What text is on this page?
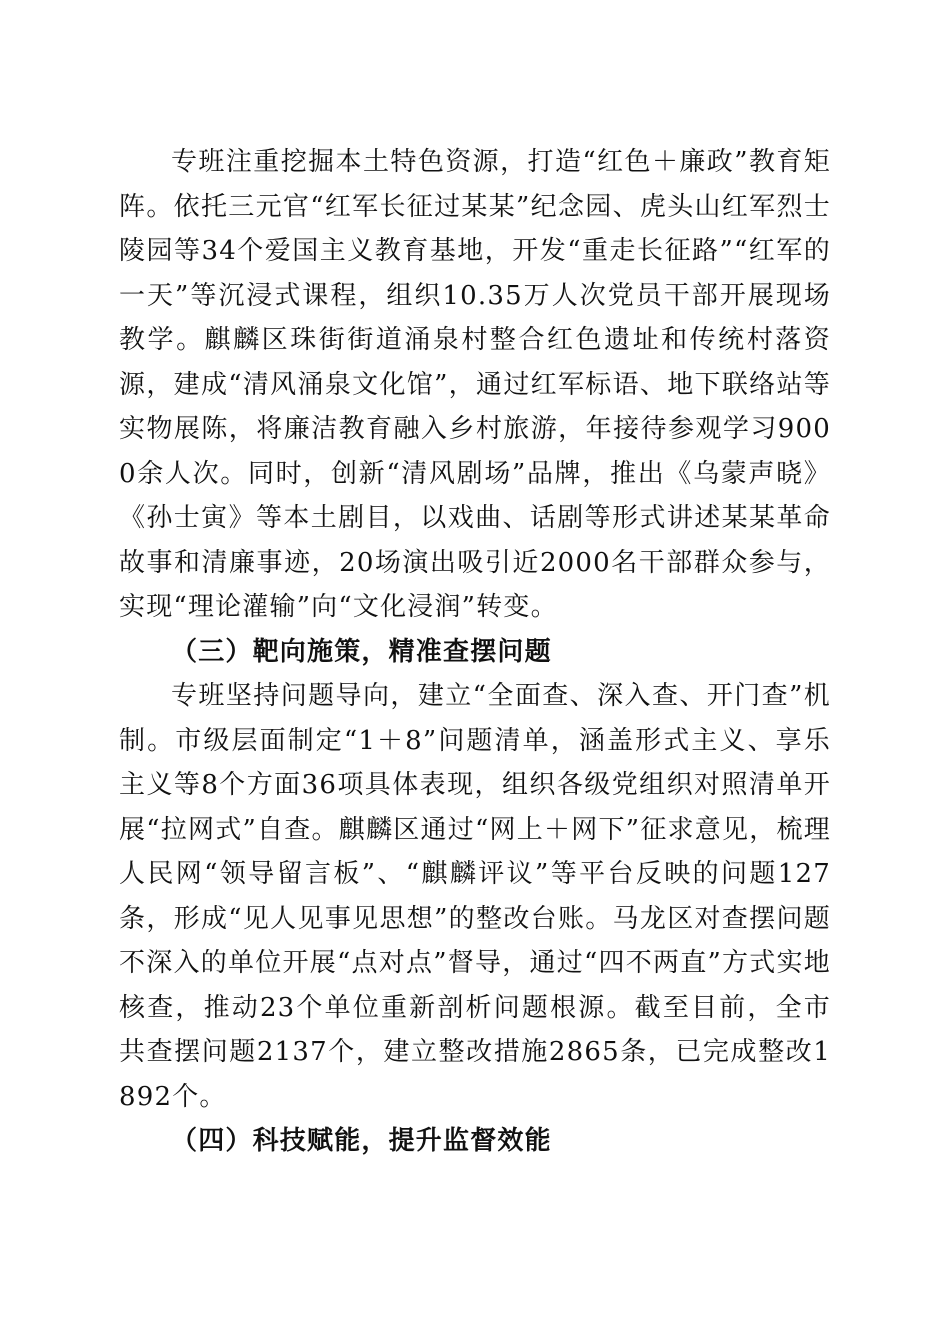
专班注重挖掘本土特色资源，打造“红色＋廉政”教育矩阵。依托三元官“红军长征过某某”纪念园、虎头山红军烈士陵园等34个爱国主义教育基地，开发“重走长征路”“红军的一天”等沉浸式课程，组织10.35万人次党员干部开展现场教学。麒麟区珠街街道涌泉村整合红色遗址和传统村落资源，建成“清风涌泉文化馆”，通过红军标语、地下联络站等实物展陈，将廉洁教育融入乡村旅游，年接待参观学习9000余人次。同时，创新“清风剧场”品牌，推出《乌蒙声晓》《孙士寅》等本土剧目，以戏曲、话剧等形式讲述某某革命故事和清廉事迹，20场演出吸引近2000名干部群众参与，实现“理论灌输”向“文化浸润”转变。

（三）靶向施策，精准查摆问题

专班坚持问题导向，建立“全面查、深入查、开门查”机制。市级层面制定“1＋8”问题清单，涵盖形式主义、享乐主义等8个方面36项具体表现，组织各级党组织对照清单开展“拉网式”自查。麒麟区通过“网上＋网下”征求意见，梳理人民网“领导留言板”、“麒麟评议”等平台反映的问题127条，形成“见人见事见思想”的整改台账。马龙区对查摆问题不深入的单位开展“点对点”督导，通过“四不两直”方式实地核查，推动23个单位重新剖析问题根源。截至目前，全市共查摆问题2137个，建立整改措施2865条，已完成整改1892个。

（四）科技赋能，提升监督效能
